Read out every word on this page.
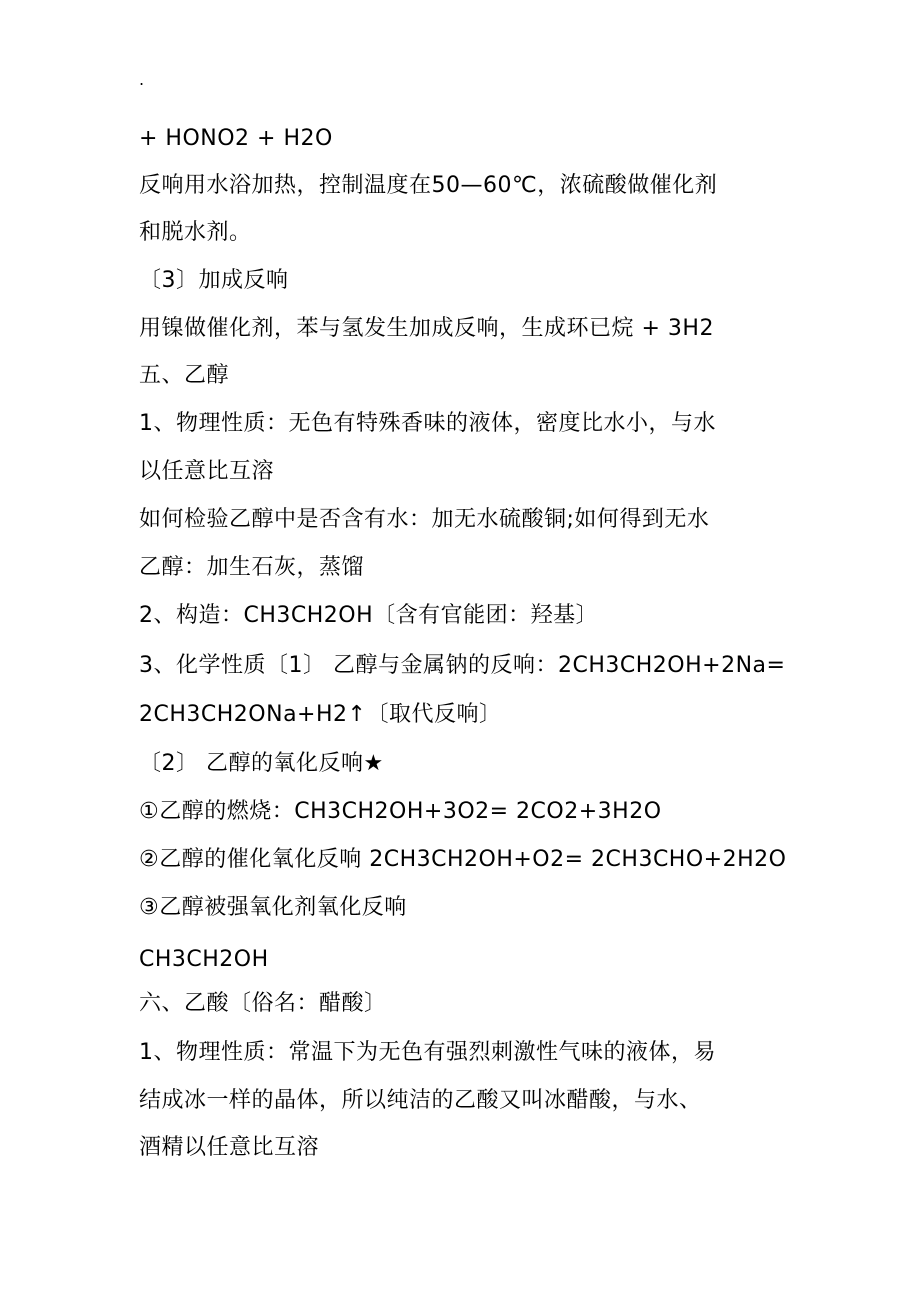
.
+ HONO2 + H2O
反响用水浴加热，控制温度在50—60℃，浓硫酸做催化剂
和脱水剂。
〔3〕加成反响
用镍做催化剂，苯与氢发生加成反响，生成环已烷 + 3H2
五、乙醇
1、物理性质：无色有特殊香味的液体，密度比水小，与水
以任意比互溶
如何检验乙醇中是否含有水：加无水硫酸铜;如何得到无水
乙醇：加生石灰，蒸馏
2、构造：CH3CH2OH〔含有官能团：羟基〕
3、化学性质〔1〕 乙醇与金属钠的反响：2CH3CH2OH+2Na=
2CH3CH2ONa+H2↑〔取代反响〕
〔2〕 乙醇的氧化反响★
①乙醇的燃烧：CH3CH2OH+3O2= 2CO2+3H2O
②乙醇的催化氧化反响 2CH3CH2OH+O2= 2CH3CHO+2H2O
③乙醇被强氧化剂氧化反响
CH3CH2OH
六、乙酸〔俗名：醋酸〕
1、物理性质：常温下为无色有强烈刺激性气味的液体，易
结成冰一样的晶体，所以纯洁的乙酸又叫冰醋酸，与水、
酒精以任意比互溶
